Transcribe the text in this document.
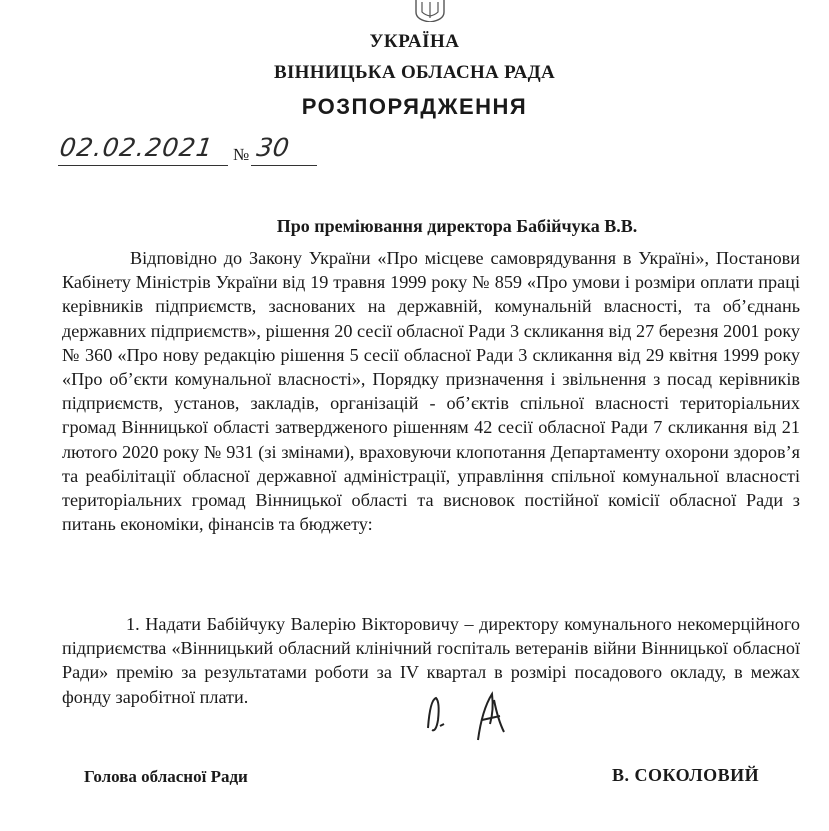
УКРАЇНА
ВІННИЦЬКА ОБЛАСНА РАДА
РОЗПОРЯДЖЕННЯ
02.02.2021 № 30
Про преміювання директора Бабійчука В.В.
Відповідно до Закону України «Про місцеве самоврядування в Україні», Постанови Кабінету Міністрів України від 19 травня 1999 року № 859 «Про умови і розміри оплати праці керівників підприємств, заснованих на державній, комунальній власності, та об’єднань державних підприємств», рішення 20 сесії обласної Ради 3 скликання від 27 березня 2001 року № 360 «Про нову редакцію рішення 5 сесії обласної Ради 3 скликання від 29 квітня 1999 року «Про об’єкти комунальної власності», Порядку призначення і звільнення з посад керівників підприємств, установ, закладів, організацій - об’єктів спільної власності територіальних громад Вінницької області затвердженого рішенням 42 сесії обласної Ради 7 скликання від 21 лютого 2020 року № 931 (зі змінами), враховуючи клопотання Департаменту охорони здоров’я та реабілітації обласної державної адміністрації, управління спільної комунальної власності територіальних громад Вінницької області та висновок постійної комісії обласної Ради з питань економіки, фінансів та бюджету:
1. Надати Бабійчуку Валерію Вікторовичу – директору комунального некомерційного підприємства «Вінницький обласний клінічний госпіталь ветеранів війни Вінницької обласної Ради» премію за результатами роботи за IV квартал в розмірі посадового окладу, в межах фонду заробітної плати.
Голова обласної Ради	В. СОКОЛОВИЙ
